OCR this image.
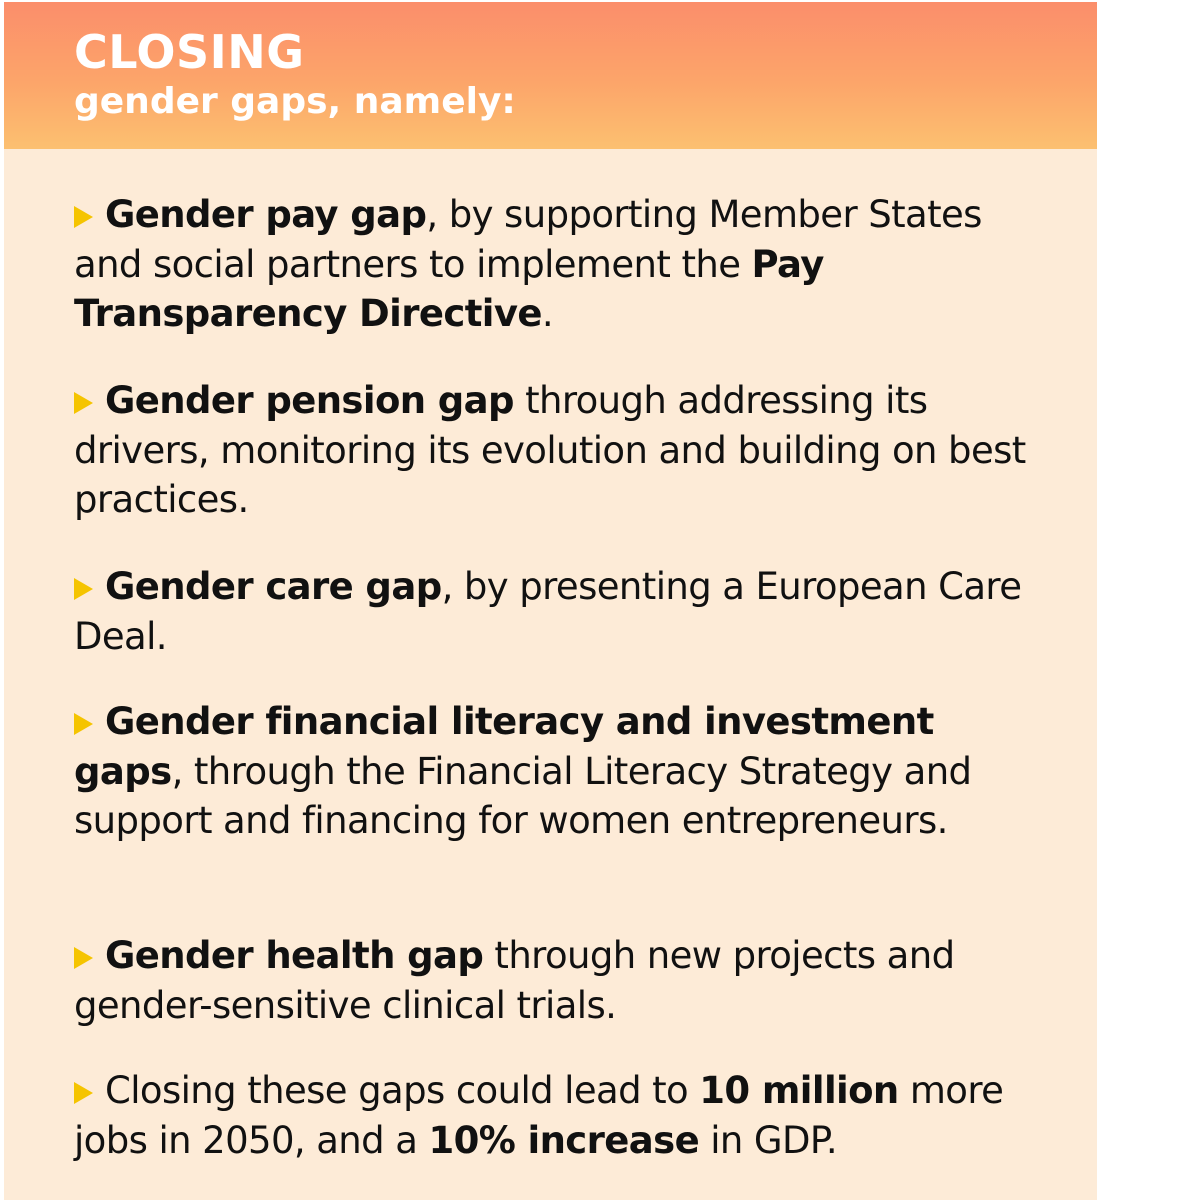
CLOSING
gender gaps, namely:

Gender pay gap, by supporting Member States and social partners to implement the Pay Transparency Directive.

Gender pension gap through addressing its drivers, monitoring its evolution and building on best practices.

Gender care gap, by presenting a European Care Deal.

Gender financial literacy and investment gaps, through the Financial Literacy Strategy and support and financing for women entrepreneurs.

Gender health gap through new projects and gender-sensitive clinical trials.

Closing these gaps could lead to 10 million more jobs in 2050, and a 10% increase in GDP.
